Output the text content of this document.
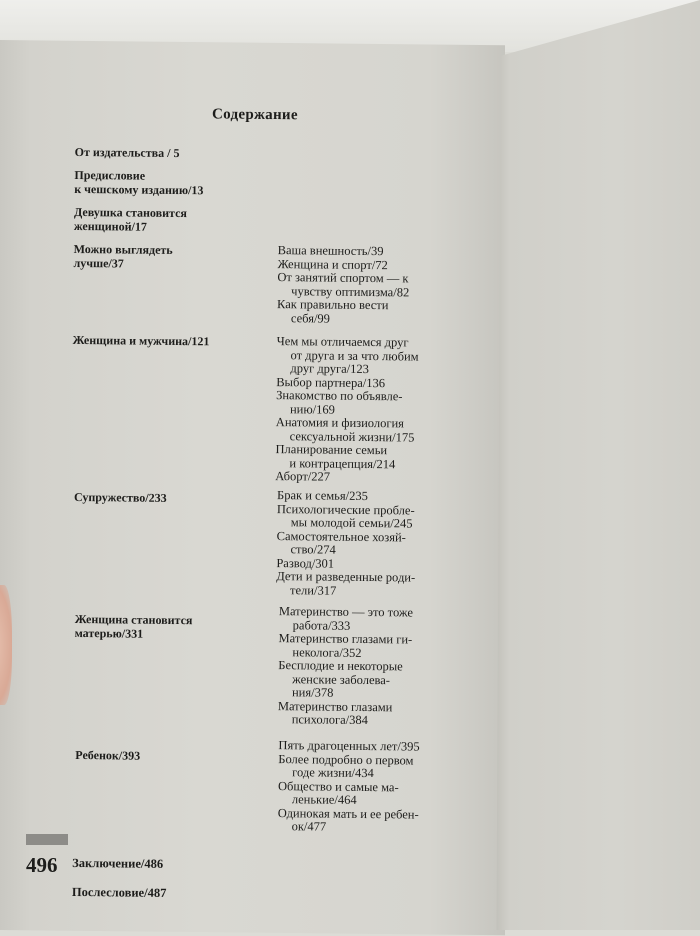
Содержание
От издательства / 5
Предисловие
к чешскому изданию/13
Девушка становится
женщиной/17
Можно выглядеть
лучше/37
Ваша внешность/39
Женщина и спорт/72
От занятий спортом — к
чувству оптимизма/82
Как правильно вести
себя/99
Женщина и мужчина/121	Чем мы отличаемся друг
от друга и за что любим
друг друга/123
Выбор партнера/136
Знакомство по объявле-
нию/169
Анатомия и физиология
сексуальной жизни/175
Планирование семьи
и контрацепция/214
Аборт/227
Супружество/233	Брак и семья/235
Психологические пробле-
мы молодой семьи/245
Самостоятельное хозяй-
ство/274
Развод/301
Дети и разведенные роди-
тели/317
Женщина становится
матерью/331
Материнство — это тоже
работа/333
Материнство глазами ги-
неколога/352
Бесплодие и некоторые
женские заболева-
ния/378
Материнство глазами
психолога/384
Ребенок/393
Пять драгоценных лет/395
Более подробно о первом
годе жизни/434
Общество и самые ма-
ленькие/464
Одинокая мать и ее ребен-
ок/477
Заключение/486
Послесловие/487
496
